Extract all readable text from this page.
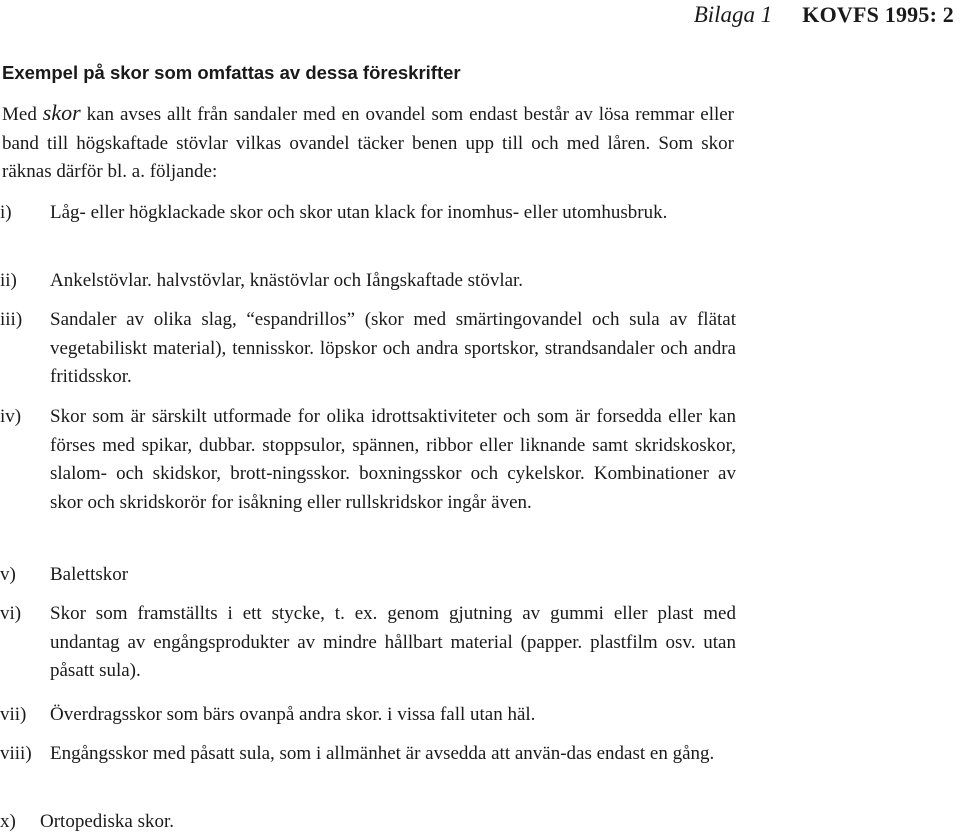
Bilaga 1 KOVFS 1995: 2
Exempel på skor som omfattas av dessa föreskrifter

Med skor kan avses allt från sandaler med en ovandel som endast består av lösa remmar eller band till högskaftade stövlar vilkas ovandel täcker benen upp till och med låren. Som skor räknas därför bl. a. följande:

i) Låg- eller högklackade skor och skor utan klack for inomhus- eller utomhusbruk.
ii) Ankelstövlar. halvstövlar, knästövlar och Iångskaftade stövlar.
iii) Sandaler av olika slag, “espandrillos” (skor med smärtingovandel och sula av flätat vegetabiliskt material), tennisskor. löpskor och andra sportskor, strandsandaler och andra fritidsskor.
iv) Skor som är särskilt utformade for olika idrottsaktiviteter och som är forsedda eller kan förses med spikar, dubbar. stoppsulor, spännen, ribbor eller liknande samt skridskoskor, slalom- och skidskor, brott-ningsskor. boxningsskor och cykelskor. Kombinationer av skor och skridskorör for isåkning eller rullskridskor ingår även.
v) Balettskor
vi) Skor som framställts i ett stycke, t. ex. genom gjutning av gummi eller plast med undantag av engångsprodukter av mindre hållbart material (papper. plastfilm osv. utan påsatt sula).
vii) Överdragsskor som bärs ovanpå andra skor. i vissa fall utan häl.
viii) Engångsskor med påsatt sula, som i allmänhet är avsedda att använ-das endast en gång.
x) Ortopediska skor.
